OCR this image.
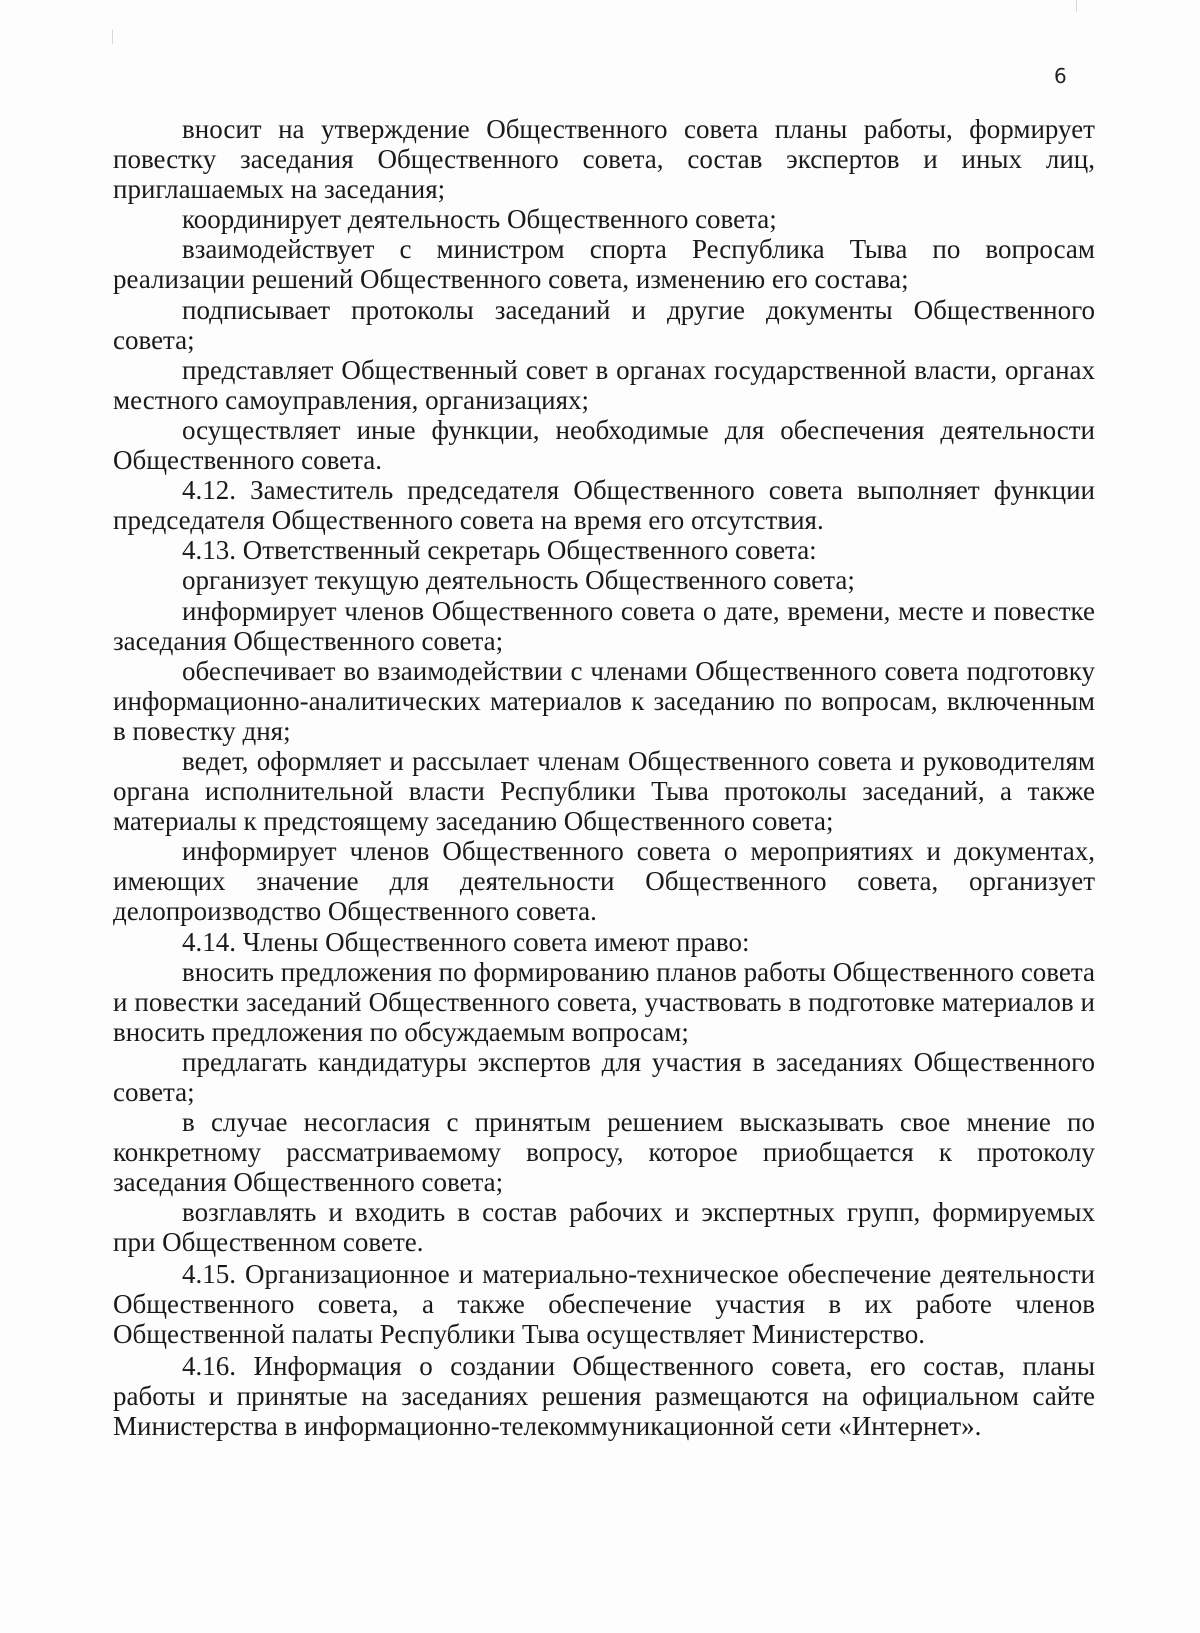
6

вносит на утверждение Общественного совета планы работы, формирует повестку заседания Общественного совета, состав экспертов и иных лиц, приглашаемых на заседания;

координирует деятельность Общественного совета;

взаимодействует с министром спорта Республика Тыва по вопросам реализации решений Общественного совета, изменению его состава;

подписывает протоколы заседаний и другие документы Общественного совета;

представляет Общественный совет в органах государственной власти, органах местного самоуправления, организациях;

осуществляет иные функции, необходимые для обеспечения деятельности Общественного совета.

4.12. Заместитель председателя Общественного совета выполняет функции председателя Общественного совета на время его отсутствия.

4.13. Ответственный секретарь Общественного совета:

организует текущую деятельность Общественного совета;

информирует членов Общественного совета о дате, времени, месте и повестке заседания Общественного совета;

обеспечивает во взаимодействии с членами Общественного совета подготовку информационно-аналитических материалов к заседанию по вопросам, включенным в повестку дня;

ведет, оформляет и рассылает членам Общественного совета и руководителям органа исполнительной власти Республики Тыва протоколы заседаний, а также материалы к предстоящему заседанию Общественного совета;

информирует членов Общественного совета о мероприятиях и документах, имеющих значение для деятельности Общественного совета, организует делопроизводство Общественного совета.

4.14. Члены Общественного совета имеют право:

вносить предложения по формированию планов работы Общественного совета и повестки заседаний Общественного совета, участвовать в подготовке материалов и вносить предложения по обсуждаемым вопросам;

предлагать кандидатуры экспертов для участия в заседаниях Общественного совета;

в случае несогласия с принятым решением высказывать свое мнение по конкретному рассматриваемому вопросу, которое приобщается к протоколу заседания Общественного совета;

возглавлять и входить в состав рабочих и экспертных групп, формируемых при Общественном совете.

4.15. Организационное и материально-техническое обеспечение деятельности Общественного совета, а также обеспечение участия в их работе членов Общественной палаты Республики Тыва осуществляет Министерство.

4.16. Информация о создании Общественного совета, его состав, планы работы и принятые на заседаниях решения размещаются на официальном сайте Министерства в информационно-телекоммуникационной сети «Интернет».
